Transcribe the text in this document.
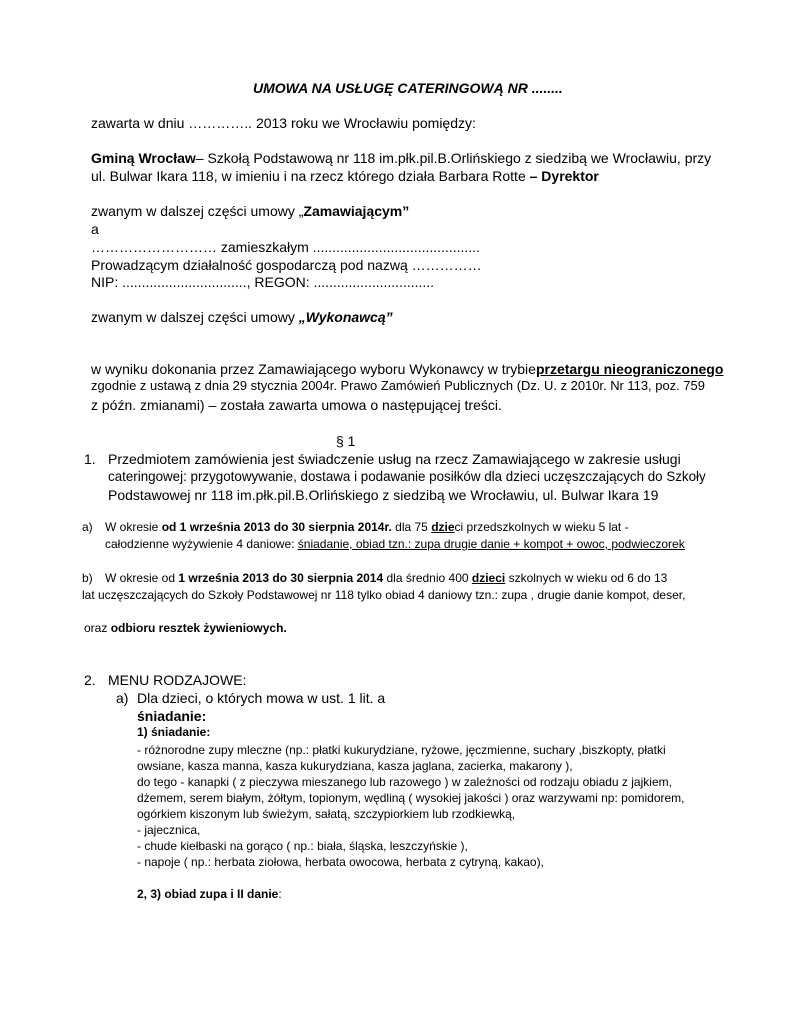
UMOWA NA USŁUGĘ CATERINGOWĄ NR ........
zawarta w dniu ………….. 2013 roku we Wrocławiu pomiędzy:
Gminą Wrocław – Szkołą Podstawową nr 118 im.płk.pil.B.Orlińskiego z siedzibą we Wrocławiu, przy
ul. Bulwar Ikara 118, w imieniu i na rzecz którego działa Barbara Rotte – Dyrektor
zwanym w dalszej części umowy „Zamawiającym”
a
……………………… zamieszkałym ...........................................
Prowadzącym działalność gospodarczą pod nazwą ……………
NIP: ................................, REGON: ...............................
zwanym w dalszej części umowy „Wykonawcą”
w wyniku dokonania przez Zamawiającego wyboru Wykonawcy w trybie przetargu nieograniczonego
zgodnie z ustawą z dnia 29 stycznia 2004r. Prawo Zamówień Publicznych (Dz. U. z 2010r. Nr 113, poz. 759
z późn. zmianami) – została zawarta umowa o następującej treści.
§ 1
1. Przedmiotem zamówienia jest świadczenie usług na rzecz Zamawiającego w zakresie usługi
cateringowej: przygotowywanie, dostawa i podawanie posiłków dla dzieci uczęszczających do Szkoły
Podstawowej nr 118 im.płk.pil.B.Orlińskiego z siedzibą we Wrocławiu, ul. Bulwar Ikara 19
a) W okresie od 1 września 2013 do 30 sierpnia 2014r. dla 75 dzieci przedszkolnych w wieku 5 lat -
całodzienne wyżywienie 4 daniowe: śniadanie, obiad tzn.: zupa drugie danie + kompot + owoc, podwieczorek
b) W okresie od 1 września 2013 do 30 sierpnia 2014 dla średnio 400 dzieci szkolnych w wieku od 6 do 13
lat uczęszczających do Szkoły Podstawowej nr 118 tylko obiad 4 daniowy tzn.: zupa , drugie danie kompot, deser,
oraz odbioru resztek żywieniowych.
2. MENU RODZAJOWE:
a) Dla dzieci, o których mowa w ust. 1 lit. a
śniadanie:
1) śniadanie:
- różnorodne zupy mleczne (np.: płatki kukurydziane, ryżowe, jęczmienne, suchary ,biszkopty, płatki
owsiane, kasza manna, kasza kukurydziana, kasza jaglana, zacierka, makarony ),
do tego - kanapki ( z pieczywa mieszanego lub razowego ) w zależności od rodzaju obiadu z jajkiem,
dżemem, serem białym, żółtym, topionym, wędliną ( wysokiej jakości ) oraz warzywami np: pomidorem,
ogórkiem kiszonym lub świeżym, sałatą, szczypiorkiem lub rzodkiewką,
- jajecznica,
- chude kiełbaski na gorąco ( np.: biała, śląska, leszczyńskie ),
- napoje ( np.: herbata ziołowa, herbata owocowa, herbata z cytryną, kakao),
2, 3) obiad zupa i II danie:
